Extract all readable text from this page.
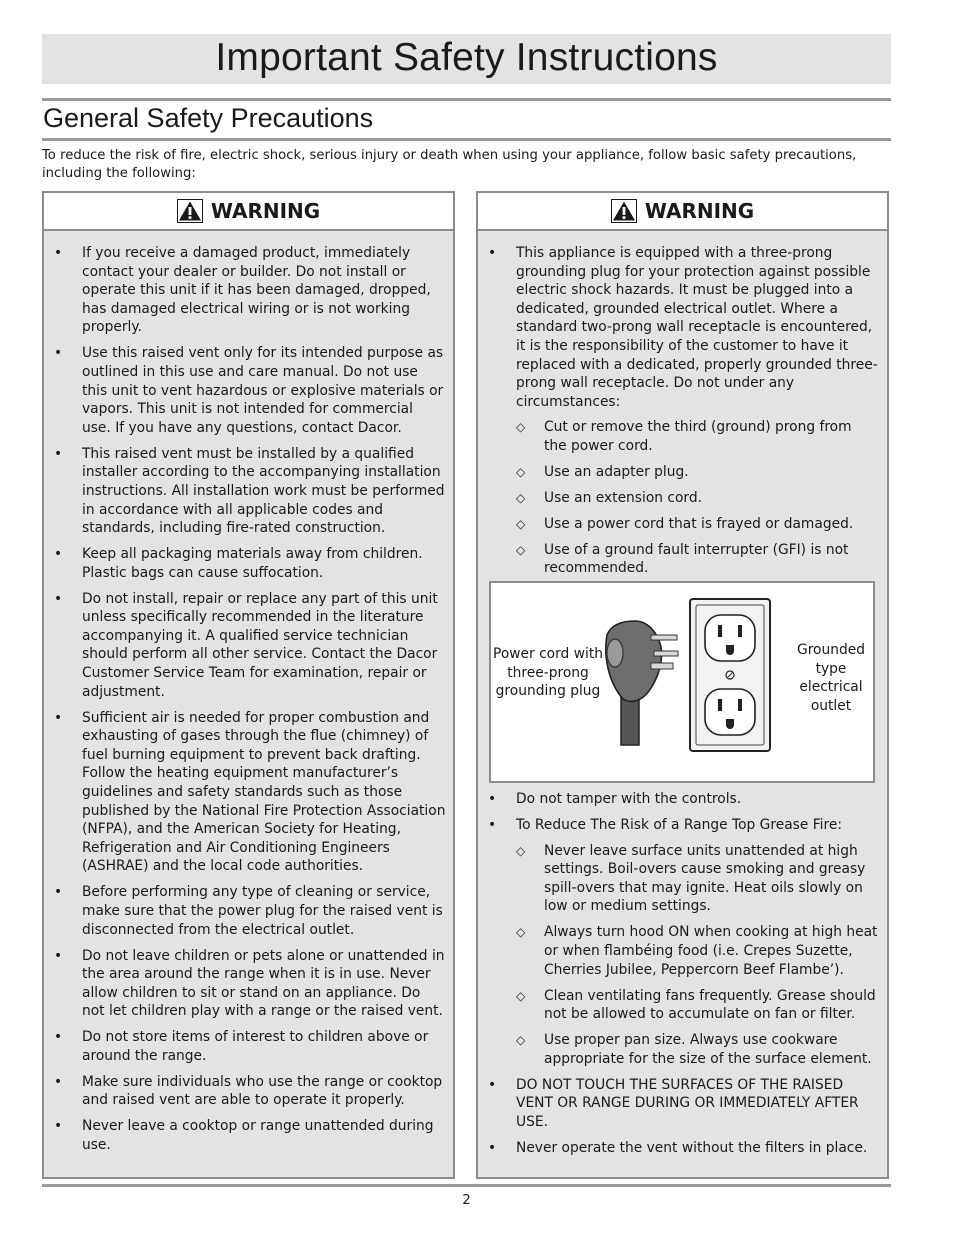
Important Safety Instructions
General Safety Precautions

To reduce the risk of fire, electric shock, serious injury or death when using your appliance, follow basic safety precautions, including the following:

WARNING
• If you receive a damaged product, immediately contact your dealer or builder. Do not install or operate this unit if it has been damaged, dropped, has damaged electrical wiring or is not working properly.
• Use this raised vent only for its intended purpose as outlined in this use and care manual. Do not use this unit to vent hazardous or explosive materials or vapors. This unit is not intended for commercial use. If you have any questions, contact Dacor.
• This raised vent must be installed by a qualified installer according to the accompanying installation instructions. All installation work must be performed in accordance with all applicable codes and standards, including fire-rated construction.
• Keep all packaging materials away from children. Plastic bags can cause suffocation.
• Do not install, repair or replace any part of this unit unless specifically recommended in the literature accompanying it. A qualified service technician should perform all other service. Contact the Dacor Customer Service Team for examination, repair or adjustment.
• Sufficient air is needed for proper combustion and exhausting of gases through the flue (chimney) of fuel burning equipment to prevent back drafting. Follow the heating equipment manufacturer’s guidelines and safety standards such as those published by the National Fire Protection Association (NFPA), and the American Society for Heating, Refrigeration and Air Conditioning Engineers (ASHRAE) and the local code authorities.
• Before performing any type of cleaning or service, make sure that the power plug for the raised vent is disconnected from the electrical outlet.
• Do not leave children or pets alone or unattended in the area around the range when it is in use. Never allow children to sit or stand on an appliance. Do not let children play with a range or the raised vent.
• Do not store items of interest to children above or around the range.
• Make sure individuals who use the range or cooktop and raised vent are able to operate it properly.
• Never leave a cooktop or range unattended during use.
WARNING
• This appliance is equipped with a three-prong grounding plug for your protection against possible electric shock hazards. It must be plugged into a dedicated, grounded electrical outlet. Where a standard two-prong wall receptacle is encountered, it is the responsibility of the customer to have it replaced with a dedicated, properly grounded three-prong wall receptacle. Do not under any circumstances:
◇ Cut or remove the third (ground) prong from the power cord.
◇ Use an adapter plug.
◇ Use an extension cord.
◇ Use a power cord that is frayed or damaged.
◇ Use of a ground fault interrupter (GFI) is not recommended.
Power cord with three-prong grounding plug
Grounded type electrical outlet
• Do not tamper with the controls.
• To Reduce The Risk of a Range Top Grease Fire:
◇ Never leave surface units unattended at high settings. Boil-overs cause smoking and greasy spill-overs that may ignite. Heat oils slowly on low or medium settings.
◇ Always turn hood ON when cooking at high heat or when flambéing food (i.e. Crepes Suzette, Cherries Jubilee, Peppercorn Beef Flambe’).
◇ Clean ventilating fans frequently. Grease should not be allowed to accumulate on fan or filter.
◇ Use proper pan size. Always use cookware appropriate for the size of the surface element.
• DO NOT TOUCH THE SURFACES OF THE RAISED VENT OR RANGE DURING OR IMMEDIATELY AFTER USE.
• Never operate the vent without the filters in place.
2
